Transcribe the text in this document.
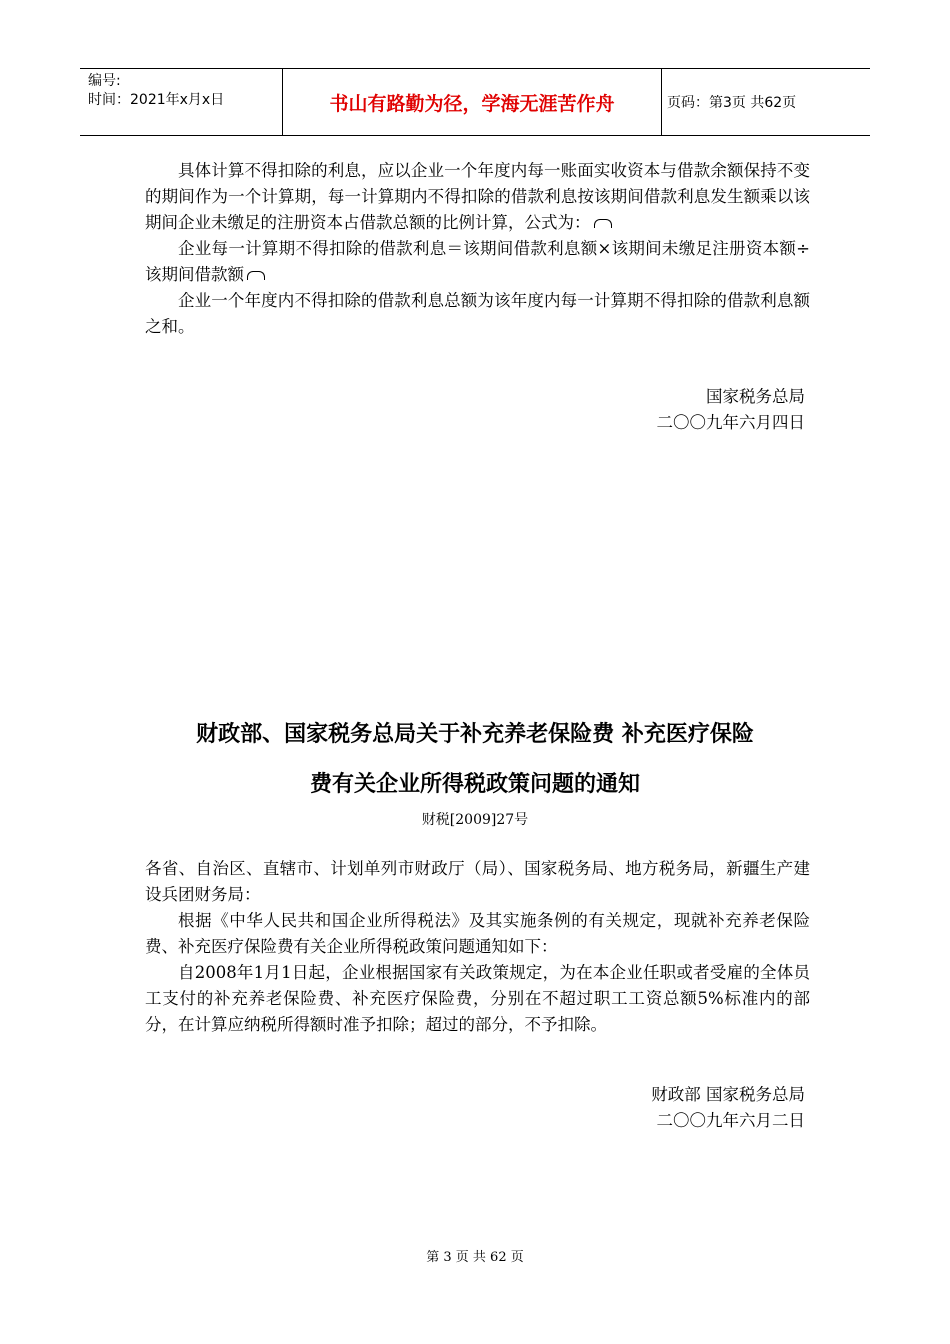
编号:
时间：2021年x月x日	书山有路勤为径，学海无涯苦作舟	页码：第3页 共62页

具体计算不得扣除的利息，应以企业一个年度内每一账面实收资本与借款余额保持不变的期间作为一个计算期，每一计算期内不得扣除的借款利息按该期间借款利息发生额乘以该期间企业未缴足的注册资本占借款总额的比例计算，公式为：

企业每一计算期不得扣除的借款利息＝该期间借款利息额×该期间未缴足注册资本额÷该期间借款额

企业一个年度内不得扣除的借款利息总额为该年度内每一计算期不得扣除的借款利息额之和。

国家税务总局
二〇〇九年六月四日
财政部、国家税务总局关于补充养老保险费 补充医疗保险
费有关企业所得税政策问题的通知
财税[2009]27号

各省、自治区、直辖市、计划单列市财政厅（局）、国家税务局、地方税务局，新疆生产建设兵团财务局：

根据《中华人民共和国企业所得税法》及其实施条例的有关规定，现就补充养老保险费、补充医疗保险费有关企业所得税政策问题通知如下：

自2008年1月1日起，企业根据国家有关政策规定，为在本企业任职或者受雇的全体员工支付的补充养老保险费、补充医疗保险费，分别在不超过职工工资总额5%标准内的部分，在计算应纳税所得额时准予扣除；超过的部分，不予扣除。

财政部 国家税务总局
二〇〇九年六月二日
第 3 页 共 62 页
